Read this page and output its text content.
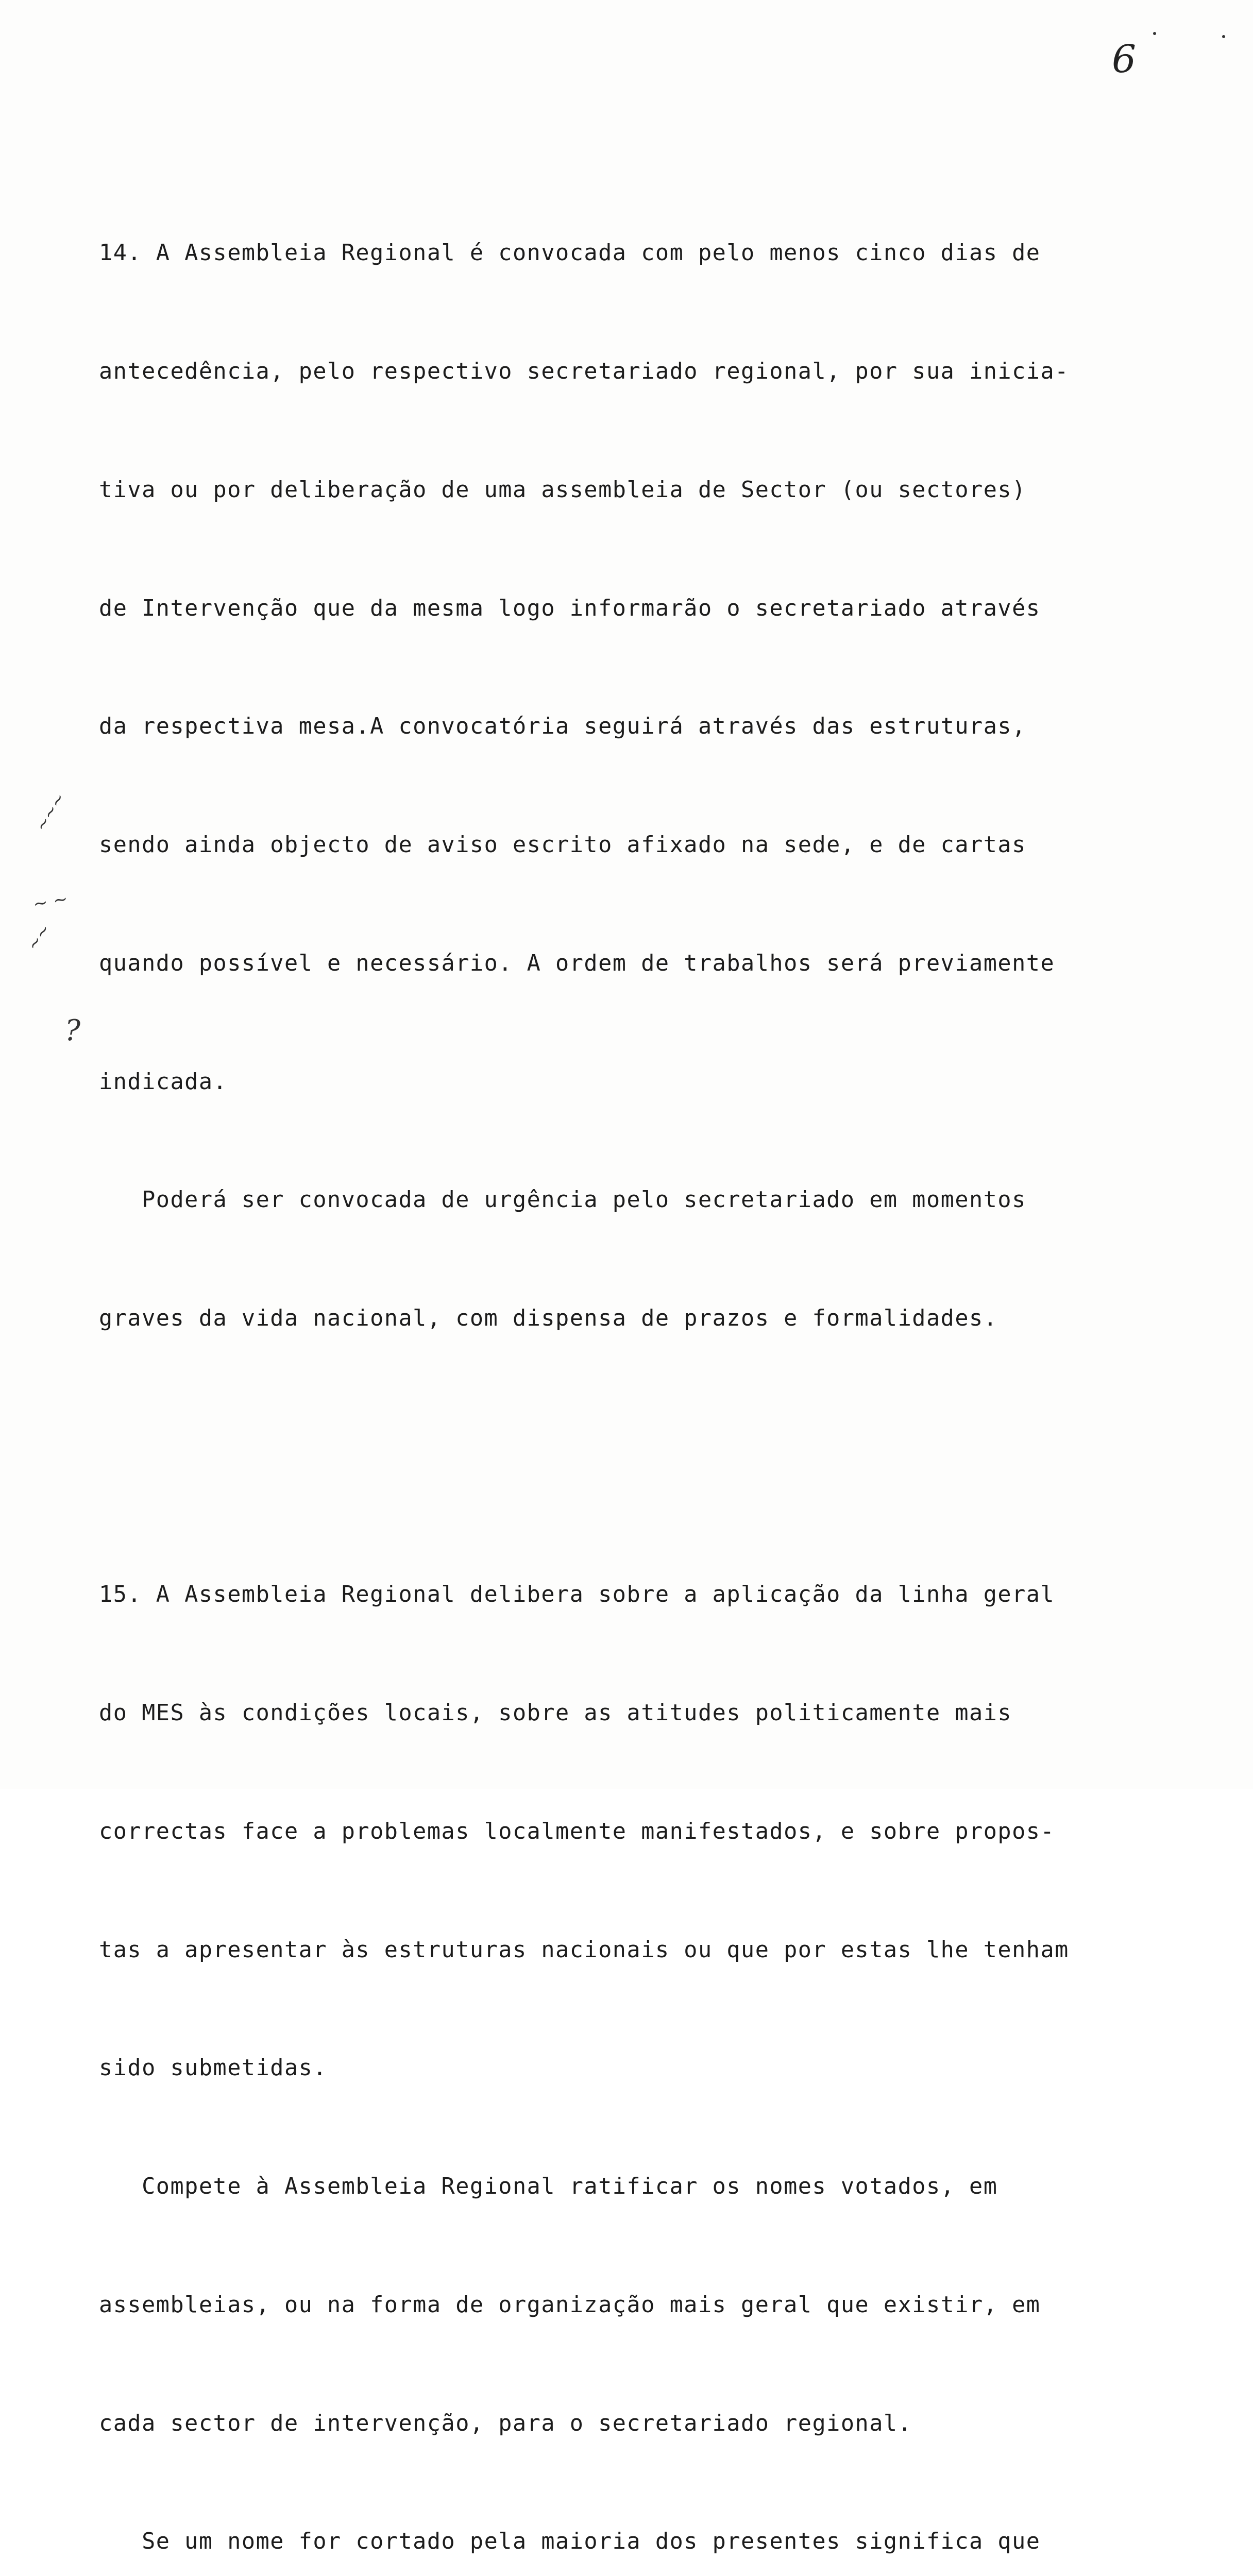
6
~~~
~ ~
~~
?

14. A Assembleia Regional é convocada com pelo menos cinco dias de

antecedência, pelo respectivo secretariado regional, por sua inicia-

tiva ou por deliberação de uma assembleia de Sector (ou sectores)

de Intervenção que da mesma logo informarão o secretariado através

da respectiva mesa.A convocatória seguirá através das estruturas,

sendo ainda objecto de aviso escrito afixado na sede, e de cartas

quando possível e necessário. A ordem de trabalhos será previamente

indicada.

Poderá ser convocada de urgência pelo secretariado em momentos

graves da vida nacional, com dispensa de prazos e formalidades.

15. A Assembleia Regional delibera sobre a aplicação da linha geral

do MES às condições locais, sobre as atitudes politicamente mais

correctas face a problemas localmente manifestados, e sobre propos-

tas a apresentar às estruturas nacionais ou que por estas lhe tenham

sido submetidas.

Compete à Assembleia Regional ratificar os nomes votados, em

assembleias, ou na forma de organização mais geral que existir, em

cada sector de intervenção, para o secretariado regional.

Se um nome for cortado pela maioria dos presentes significa que
